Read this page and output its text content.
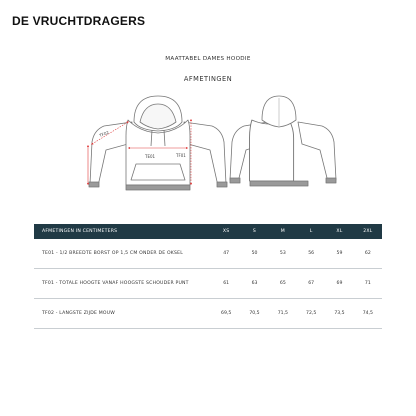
DE VRUCHTDRAGERS
MAATTABEL DAMES HOODIE
AFMETINGEN
TF02
TE01	TF01
AFMETINGEN IN CENTIMETERS	XS	S	M	L	XL	2XL
TE01 - 1/2 BREEDTE BORST OP 1,5 CM ONDER DE OKSEL	47	50	53	56	59	62
TF01 - TOTALE HOOGTE VANAF HOOGSTE SCHOUDER PUNT	61	63	65	67	69	71
TF02 - LANGSTE ZIJDE MOUW	69,5	70,5	71,5	72,5	73,5	74,5
